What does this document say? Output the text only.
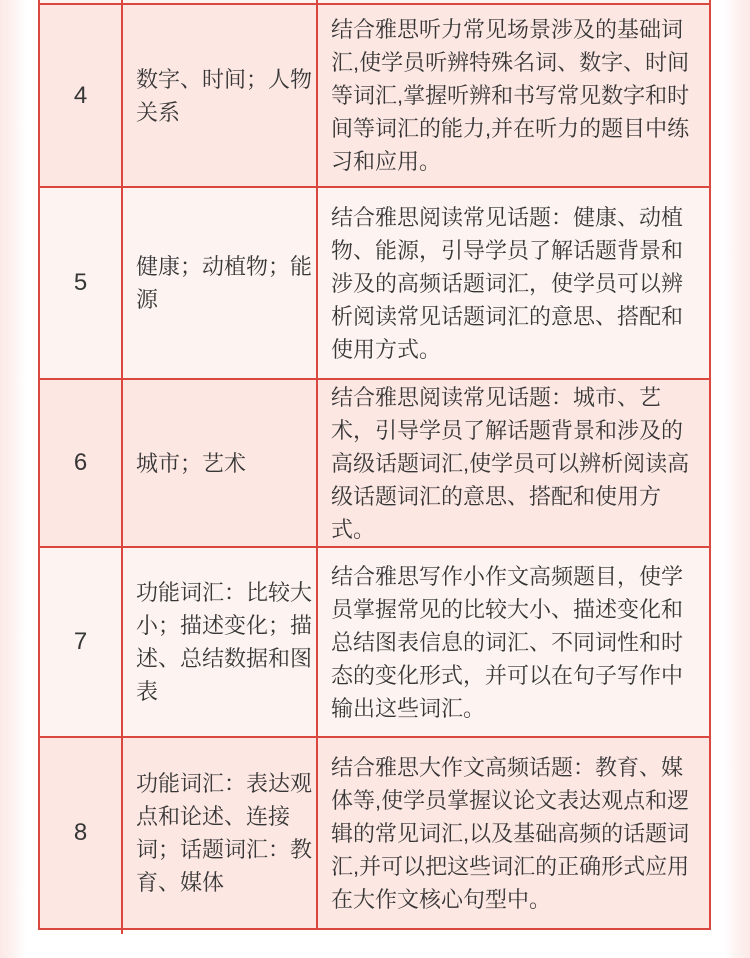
4
数字、时间；人物关系
结合雅思听力常见场景涉及的基础词汇,使学员听辨特殊名词、数字、时间等词汇,掌握听辨和书写常见数字和时间等词汇的能力,并在听力的题目中练习和应用。
5
健康；动植物；能源
结合雅思阅读常见话题：健康、动植物、能源，引导学员了解话题背景和涉及的高频话题词汇，使学员可以辨析阅读常见话题词汇的意思、搭配和使用方式。
6	城市；艺术
结合雅思阅读常见话题：城市、艺术，引导学员了解话题背景和涉及的高级话题词汇,使学员可以辨析阅读高级话题词汇的意思、搭配和使用方式。
7
功能词汇：比较大小；描述变化；描述、总结数据和图表
结合雅思写作小作文高频题目，使学员掌握常见的比较大小、描述变化和总结图表信息的词汇、不同词性和时态的变化形式，并可以在句子写作中输出这些词汇。
8
功能词汇：表达观点和论述、连接词；话题词汇：教育、媒体
结合雅思大作文高频话题：教育、媒体等,使学员掌握议论文表达观点和逻辑的常见词汇,以及基础高频的话题词汇,并可以把这些词汇的正确形式应用在大作文核心句型中。
